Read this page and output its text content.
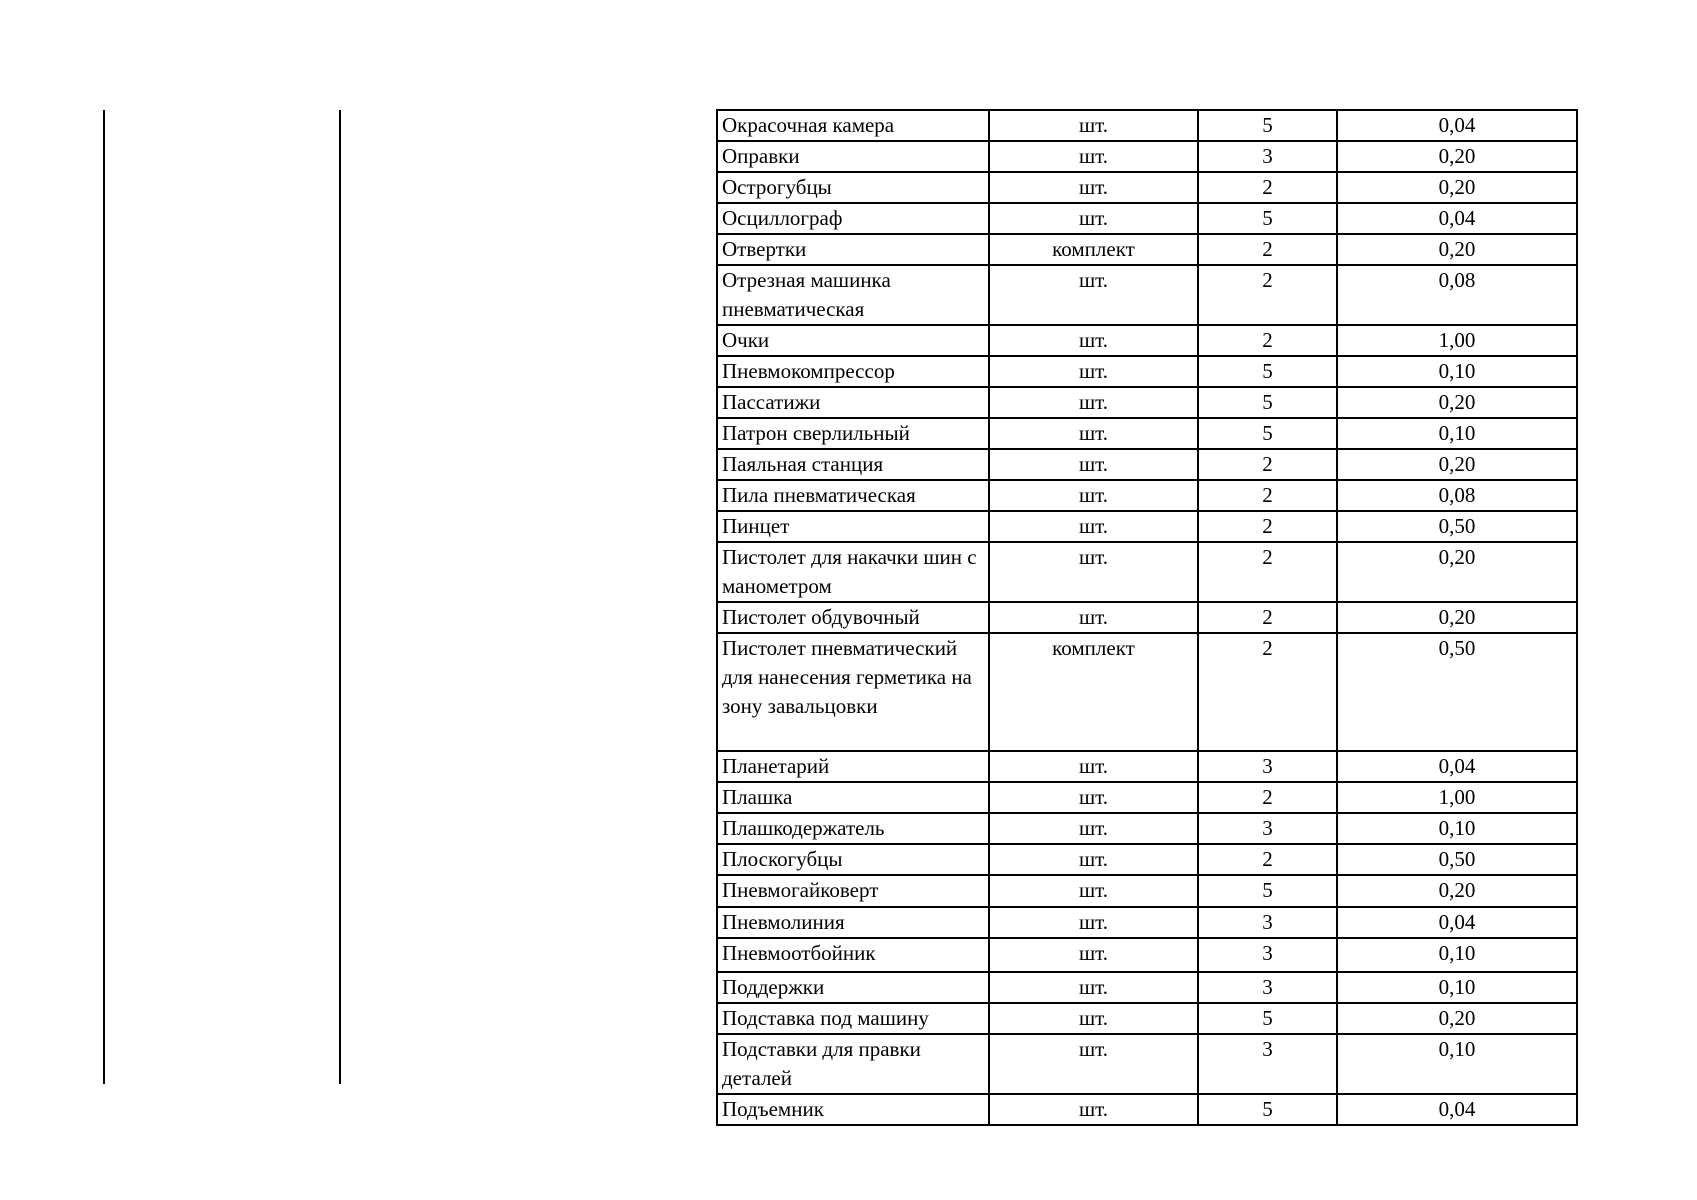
Окрасочная камера	шт.	5	0,04
Оправки	шт.	3	0,20
Острогубцы	шт.	2	0,20
Осциллограф	шт.	5	0,04
Отвертки	комплект	2	0,20
Отрезная машинка пневматическая	шт.	2	0,08
Очки	шт.	2	1,00
Пневмокомпрессор	шт.	5	0,10
Пассатижи	шт.	5	0,20
Патрон сверлильный	шт.	5	0,10
Паяльная станция	шт.	2	0,20
Пила пневматическая	шт.	2	0,08
Пинцет	шт.	2	0,50
Пистолет для накачки шин с манометром	шт.	2	0,20
Пистолет обдувочный	шт.	2	0,20
Пистолет пневматический для нанесения герметика на зону завальцовки	комплект	2	0,50
Планетарий	шт.	3	0,04
Плашка	шт.	2	1,00
Плашкодержатель	шт.	3	0,10
Плоскогубцы	шт.	2	0,50
Пневмогайковерт	шт.	5	0,20
Пневмолиния	шт.	3	0,04
Пневмоотбойник	шт.	3	0,10
Поддержки	шт.	3	0,10
Подставка под машину	шт.	5	0,20
Подставки для правки деталей	шт.	3	0,10
Подъемник	шт.	5	0,04
